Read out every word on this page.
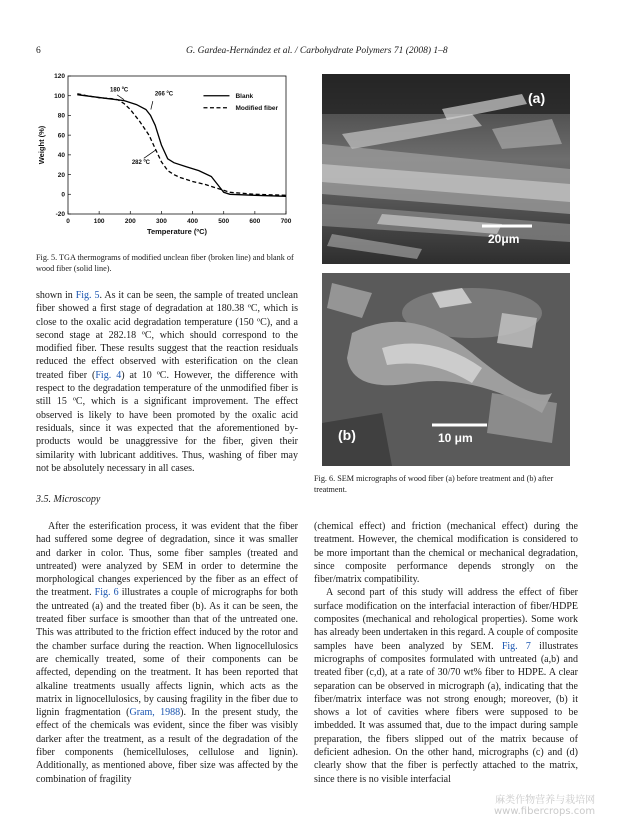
6	G. Gardea-Hernández et al. / Carbohydrate Polymers 71 (2008) 1–8
0	100	200	300	400	500	600	700
-20
0
20
40
60
80
100
120
Temperature (ºC)
Weight (%)
180 ºC
266 ºC
282 ºC
Blank
Modified fiber
Fig. 5. TGA thermograms of modified unclean fiber (broken line) and blank of wood fiber (solid line).

shown in Fig. 5. As it can be seen, the sample of treated unclean fiber showed a first stage of degradation at 180.38 ºC, which is close to the oxalic acid degradation temperature (150 ºC), and a second stage at 282.18 ºC, which should correspond to the modified fiber. These results suggest that the reaction residuals reduced the effect observed with esterification on the clean treated fiber (Fig. 4) at 10 ºC. However, the difference with respect to the degradation temperature of the unmodified fiber is still 15 ºC, which is a significant improvement. The effect observed is likely to have been promoted by the oxalic acid residuals, since it was expected that the aforementioned by-products would be unaggressive for the fiber, given their similarity with lubricant additives. Thus, washing of fiber may not be absolutely necessary in all cases.

3.5. Microscopy

After the esterification process, it was evident that the fiber had suffered some degree of degradation, since it was smaller and darker in color. Thus, some fiber samples (treated and untreated) were analyzed by SEM in order to determine the morphological changes experienced by the fiber as an effect of the treatment. Fig. 6 illustrates a couple of micrographs for both the untreated (a) and the treated fiber (b). As it can be seen, the treated fiber surface is smoother than that of the untreated one. This was attributed to the friction effect induced by the rotor and the chamber surface during the reaction. When lignocellulosics are chemically treated, some of their components can be affected, depending on the treatment. It has been reported that alkaline treatments usually affects lignin, which acts as the matrix in lignocellulosics, by causing fragility in the fiber due to lignin fragmentation (Gram, 1988). In the present study, the effect of the chemicals was evident, since the fiber was visibly darker after the treatment, as a result of the degradation of the fiber components (hemicelluloses, cellulose and lignin). Additionally, as mentioned above, fiber size was affected by the combination of fragility

(a)
20μm
(b)	10 μm
Fig. 6. SEM micrographs of wood fiber (a) before treatment and (b) after treatment.

(chemical effect) and friction (mechanical effect) during the treatment. However, the chemical modification is considered to be more important than the chemical or mechanical degradation, since composite performance depends strongly on the fiber/matrix compatibility.

A second part of this study will address the effect of fiber surface modification on the interfacial interaction of fiber/HDPE composites (mechanical and rehological properties). Some work has already been undertaken in this regard. A couple of composite samples have been analyzed by SEM. Fig. 7 illustrates micrographs of composites formulated with untreated (a,b) and treated fiber (c,d), at a rate of 30/70 wt% fiber to HDPE. A clear separation can be observed in micrograph (a), indicating that the fiber/matrix interface was not strong enough; moreover, (b) it shows a lot of cavities where fibers were supposed to be imbedded. It was assumed that, due to the impact during sample preparation, the fibers slipped out of the matrix because of deficient adhesion. On the other hand, micrographs (c) and (d) clearly show that the fiber is perfectly attached to the matrix, since there is no visible interfacial

麻类作物营养与栽培网
www.fibercrops.com
